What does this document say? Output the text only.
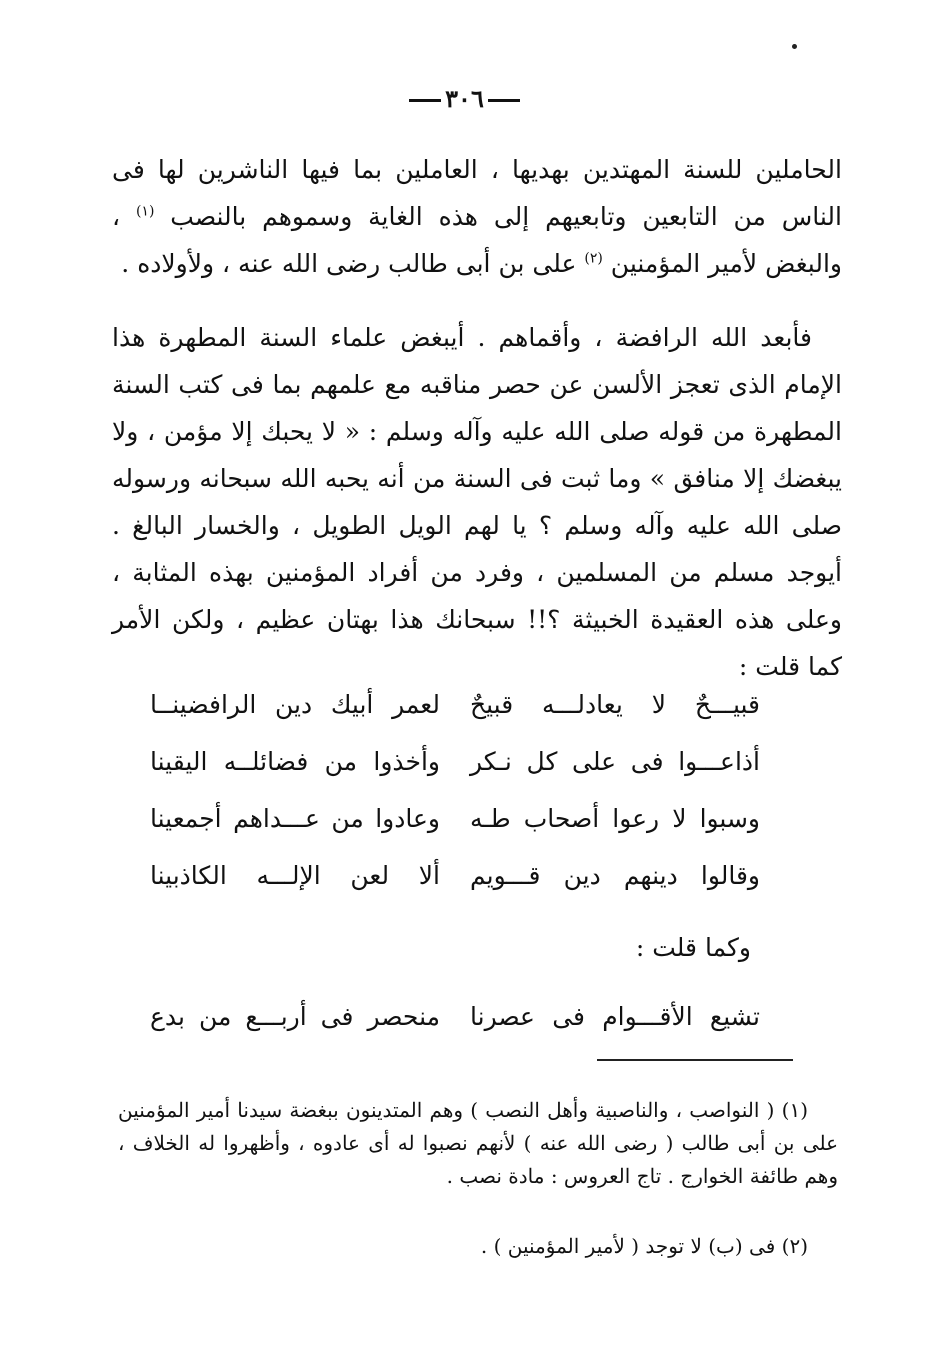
٣٠٦
الحاملين للسنة المهتدين بهديها ، العاملين بما فيها الناشرين لها فى الناس من التابعين وتابعيهم إلى هذه الغاية وسموهم بالنصب $^{(١)}$ ، والبغض لأمير المؤمنين $^{(٢)}$ على بن أبى طالب رضى الله عنه ، ولأولاده .
فأبعد الله الرافضة ، وأقماهم . أيبغض علماء السنة المطهرة هذا الإمام الذى تعجز الألسن عن حصر مناقبه مع علمهم بما فى كتب السنة المطهرة من قوله صلى الله عليه وآله وسلم : « لا يحبك إلا مؤمن ، ولا يبغضك إلا منافق » وما ثبت فى السنة من أنه يحبه الله سبحانه ورسوله صلى الله عليه وآله وسلم ؟ يا لهم الويل الطويل ، والخسار البالغ . أيوجد مسلم من المسلمين ، وفرد من أفراد المؤمنين بهذه المثابة ، وعلى هذه العقيدة الخبيثة ؟!! سبحانك هذا بهتان عظيم ، ولكن الأمر كما قلت :
قبيـــحٌ لا يعادلـــه قبيحٌ
لعمر أبيك دين الرافضينــا
أذاعـــوا فى على كل نـكر
وأخذوا من فضائلــه اليقينا
وسبوا لا رعوا أصحاب طـه
وعادوا من عـــداهم أجمعينا
وقالوا دينهم دين قـــويم
ألا لعن الإلـــه الكاذبينا
وكما قلت :
تشيع الأقـــوام فى عصرنا
منحصر فى أربـــع من بدع
(١) ( النواصب ، والناصبية وأهل النصب ) وهم المتدينون ببغضة سيدنا أمير المؤمنين على بن أبى طالب ( رضى الله عنه ) لأنهم نصبوا له أى عادوه ، وأظهروا له الخلاف ، وهم طائفة الخوارج . تاج العروس : مادة نصب .
(٢) فى (ب) لا توجد ( لأمير المؤمنين ) .
